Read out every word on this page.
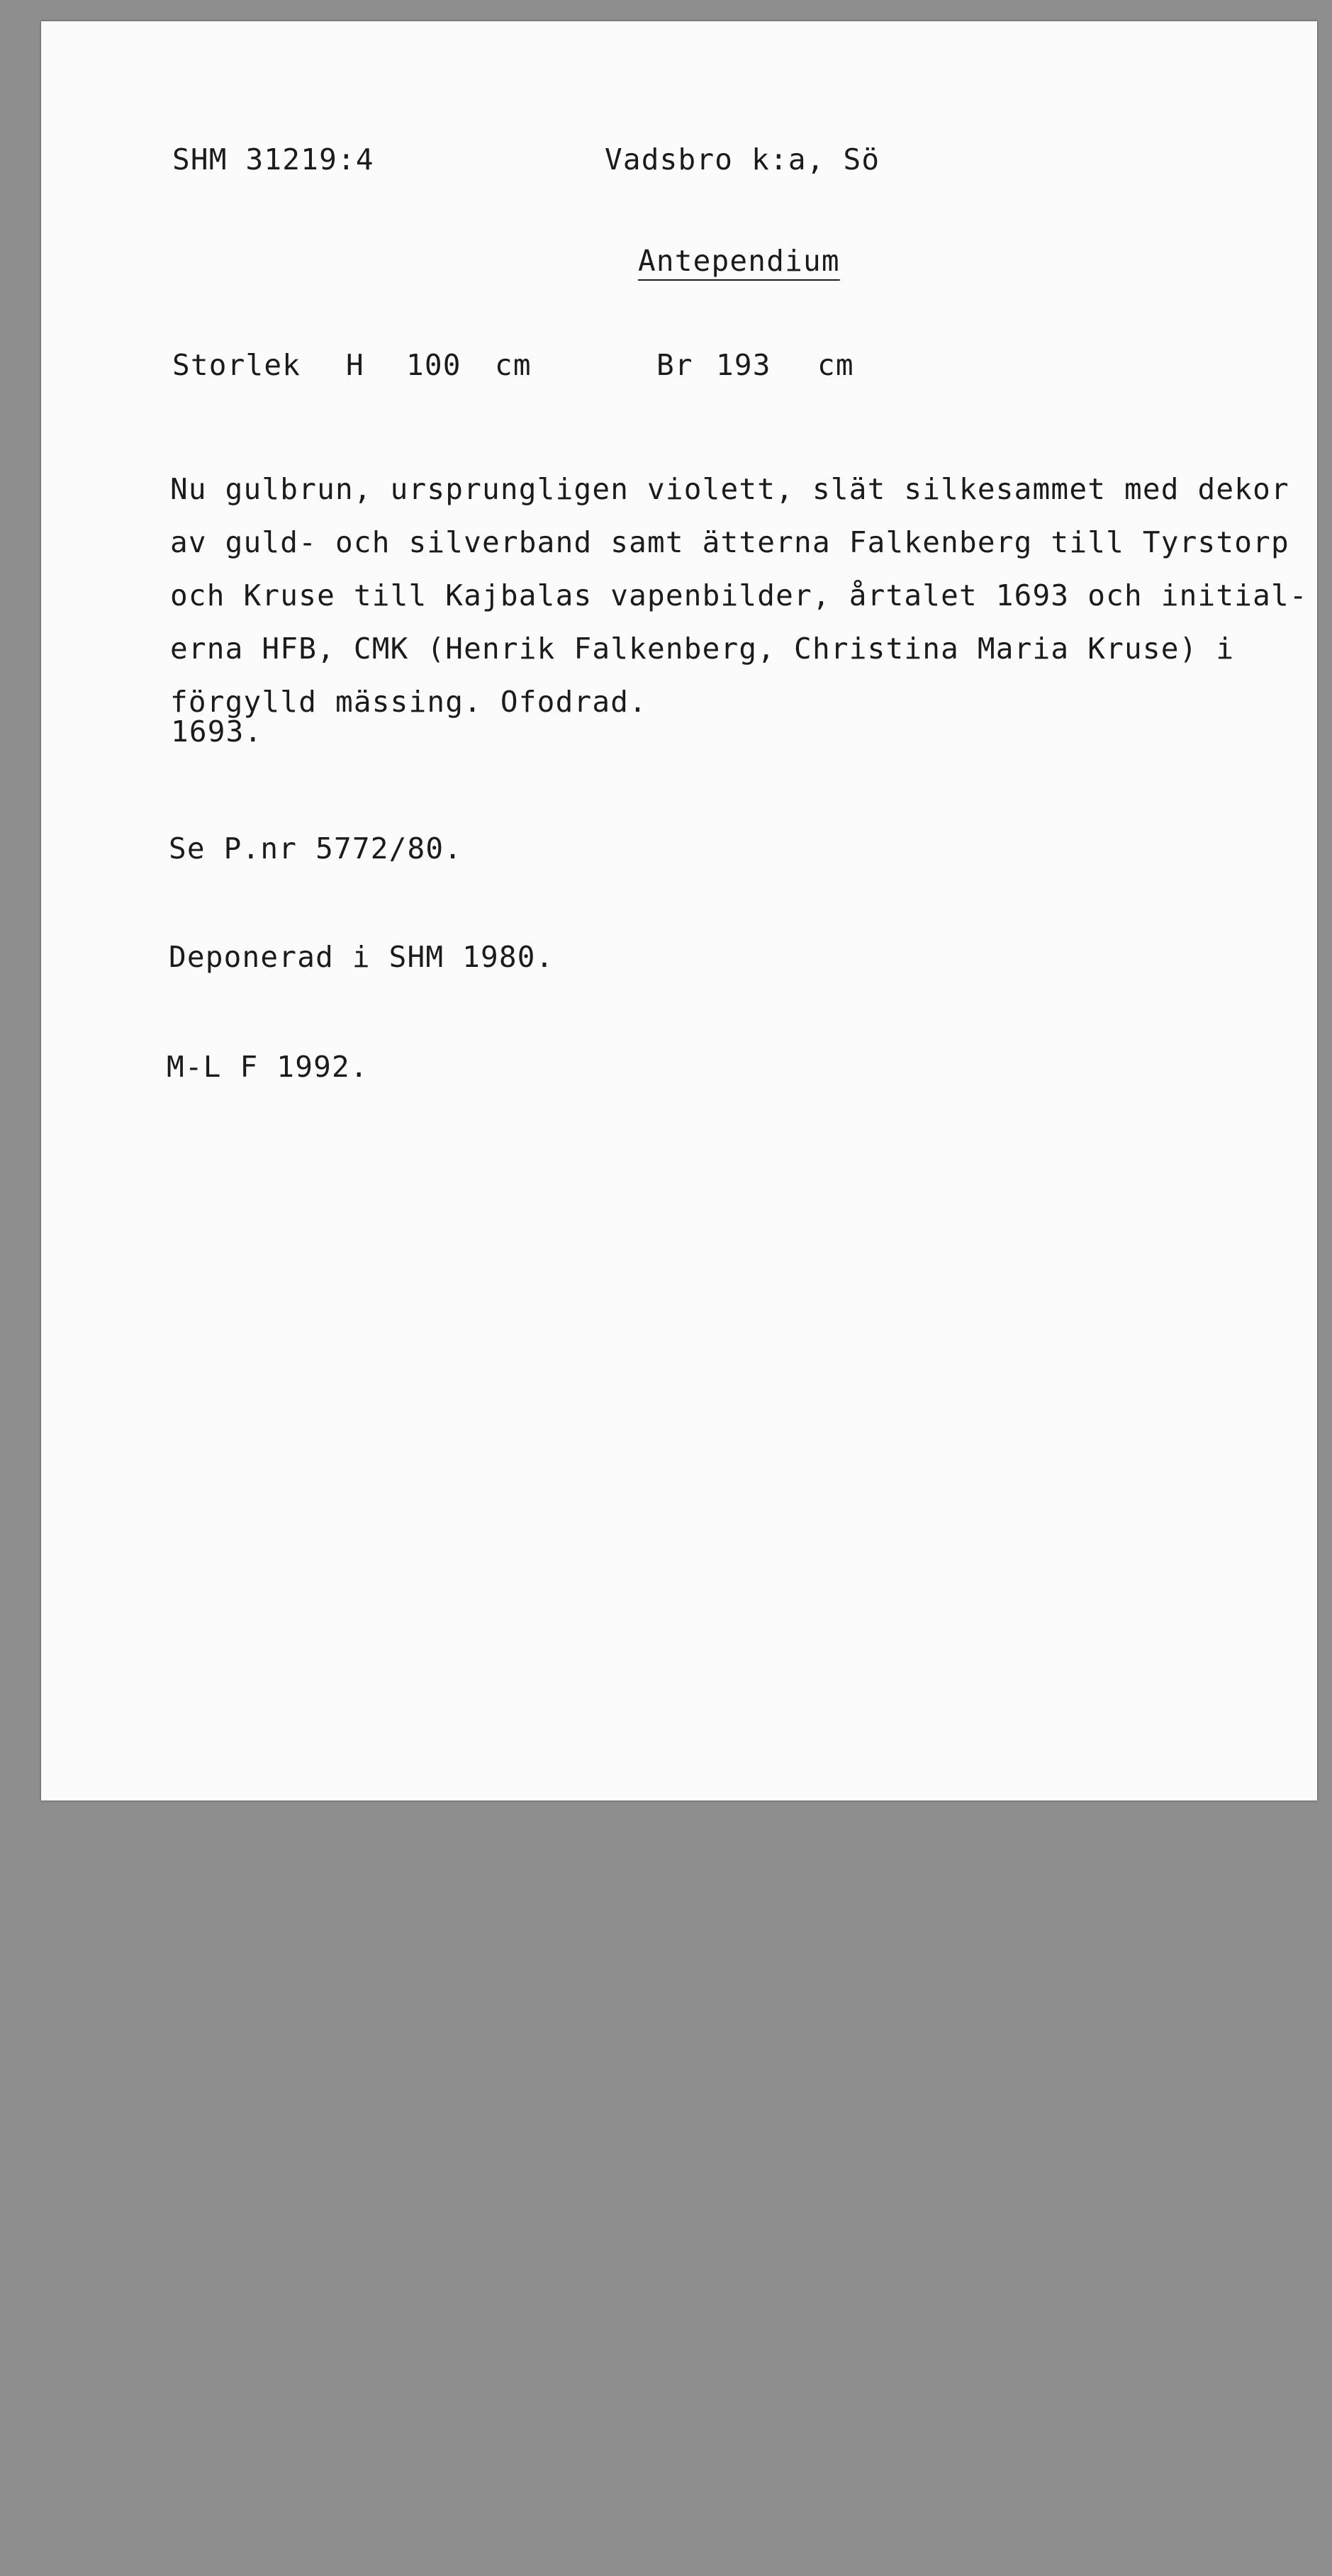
SHM 31219:4	Vadsbro k:a, Sö
Antependium
Storlek H 100 cm	Br 193 cm
Nu gulbrun, ursprungligen violett, slät silkesammet med dekor
av guld- och silverband samt ätterna Falkenberg till Tyrstorp
och Kruse till Kajbalas vapenbilder, årtalet 1693 och initial-
erna HFB, CMK (Henrik Falkenberg, Christina Maria Kruse) i
förgylld mässing. Ofodrad.
1693.
Se P.nr 5772/80.
Deponerad i SHM 1980.
M-L F 1992.
